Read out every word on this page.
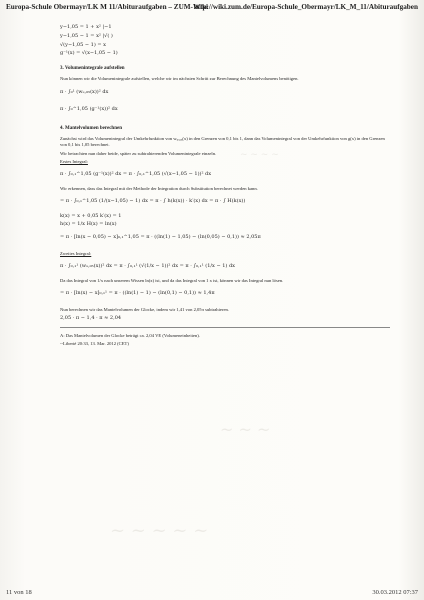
Europa-Schule Obermayr/LK M 11/Abituraufgaben – ZUM-Wiki
http://wiki.zum.de/Europa-Schule_Obermayr/LK_M_11/Abituraufgaben
~ ~ ~ ~
~ ~ ~
~ ~ ~ ~ ~
y−1,05 = 1 + x² |−1
y−1,05 − 1 = x² |√( )
√(y−1,05 − 1) = x
g⁻¹(x) = √(x−1,05 − 1)
3. Volumenintegrale aufstellen

Nun können wir die Volumenintegrale aufstellen, welche wir im nächsten Schritt zur Berechnung des Mantelvolumens benötigen.

π · ∫₀¹ (wᵤ,₀₅(x))² dx
π · ∫₀^1,05 (g⁻¹(x))² dx
4. Mantelvolumen berechnen

Zunächst wird das Volumenintegral der Umkehrfunktion von wᵤ,₀₅(x) in den Grenzen von 0,1 bis 1, dann das Volumenintegral von der Umkehrfunktion von g(x) in den Grenzen von 0,1 bis 1,05 berechnet.

Wir betrachten nun daher beide, später zu subtrahierenden Volumenintegrale einzeln.

Erstes Integral:

π · ∫₀,₁^1,05 (g⁻¹(x))² dx = π · ∫₀,₁^1,05 (√(x−1,05 − 1))² dx

Wir erkennen, dass das Integral mit der Methode der Integration durch Substitution berechnet werden kann.

= π · ∫₀,₁^1,05 (1/(x−1,05) − 1) dx = π · ∫ h(k(x)) · k′(x) dx = π · ∫ H(k(x))
k(x) = x + 0,05 k′(x) = 1
h(x) = 1/x H(x) = ln(x)
= π · [ln(x − 0,05) − x]₀,₁^1,05 = π · ((ln(1) − 1,05) − (ln(0,05) − 0,1)) ≈ 2,05π

Zweites Integral:

π · ∫₀,₁¹ (wᵤ,₀₅(x))² dx = π · ∫₀,₁¹ (√(1/x − 1))² dx = π · ∫₀,₁¹ (1/x − 1) dx

Da das Integral von 1/x nach unserem Wissen ln(x) ist, und da das Integral von 1 x ist, können wir das Integral nun lösen.

= π · [ln(x) − x]₀,₁¹ = π · ((ln(1) − 1) − (ln(0,1) − 0,1)) ≈ 1,4π

Nun berechnen wir das Mantelvolumen der Glocke, indem wir 1,41 von 2,05π subtrahieren.

2,05 · π − 1,4 · π ≈ 2,04

A: Das Mantelvolumen der Glocke beträgt ca. 2,04 VE (Volumeneinheiten).

--Liberté 20:33, 13. Mar. 2012 (CET)

11 von 18	30.03.2012 07:37
